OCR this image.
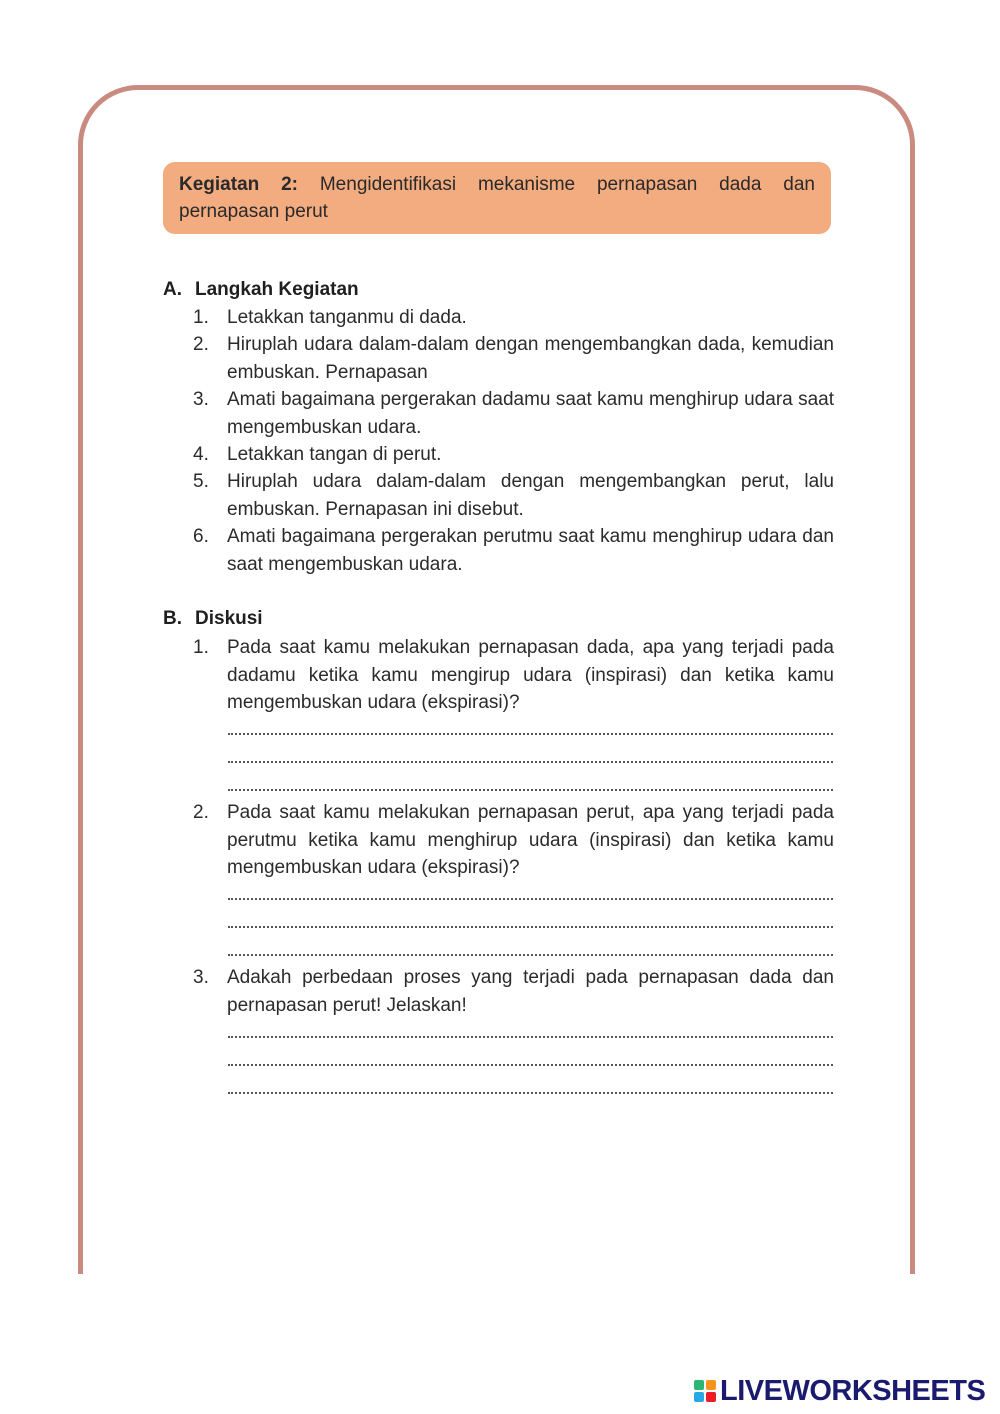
Kegiatan 2: Mengidentifikasi mekanisme pernapasan dada dan pernapasan perut
A. Langkah Kegiatan
1. Letakkan tanganmu di dada.
2. Hiruplah udara dalam-dalam dengan mengembangkan dada, kemudian embuskan. Pernapasan
3. Amati bagaimana pergerakan dadamu saat kamu menghirup udara saat mengembuskan udara.
4. Letakkan tangan di perut.
5. Hiruplah udara dalam-dalam dengan mengembangkan perut, lalu embuskan. Pernapasan ini disebut.
6. Amati bagaimana pergerakan perutmu saat kamu menghirup udara dan saat mengembuskan udara.
B. Diskusi
1. Pada saat kamu melakukan pernapasan dada, apa yang terjadi pada dadamu ketika kamu mengirup udara (inspirasi) dan ketika kamu mengembuskan udara (ekspirasi)?
2. Pada saat kamu melakukan pernapasan perut, apa yang terjadi pada perutmu ketika kamu menghirup udara (inspirasi) dan ketika kamu mengembuskan udara (ekspirasi)?
3. Adakah perbedaan proses yang terjadi pada pernapasan dada dan pernapasan perut! Jelaskan!
LIVEWORKSHEETS
